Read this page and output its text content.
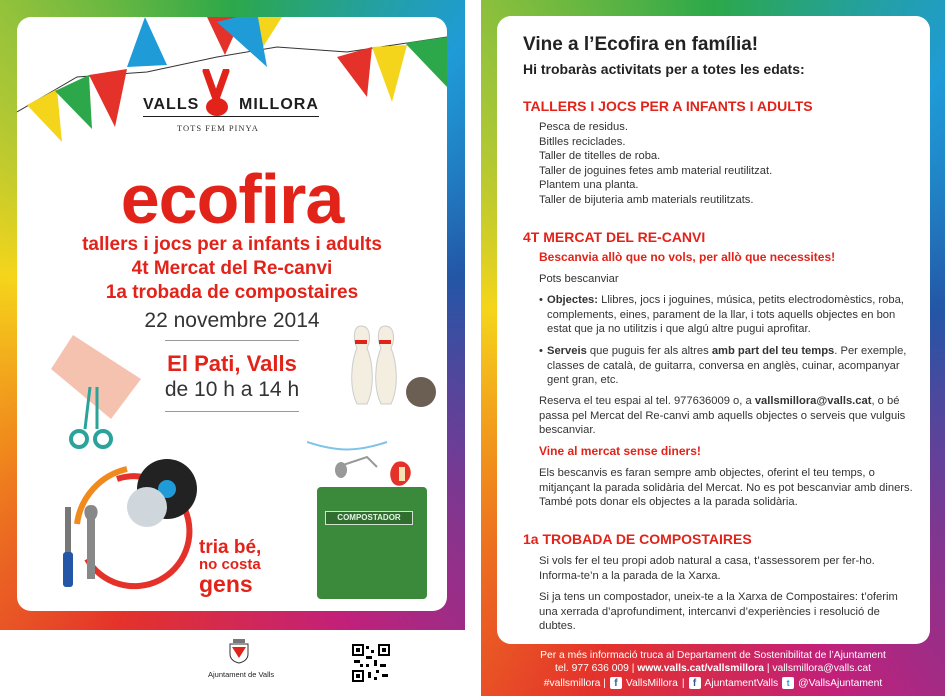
VALLS MILLORA
TOTS FEM PINYA
ecofira
tallers i jocs per a infants i adults
4t Mercat del Re-canvi
1a trobada de compostaires
22 novembre 2014
El Pati, Valls
de 10 h a 14 h
COMPOSTADOR
tria bé,
no costa
gens
Ajuntament de Valls
Vine a l’Ecofira en família!
Hi trobaràs activitats per a totes les edats:
TALLERS I JOCS PER A INFANTS I ADULTS
Pesca de residus.
Bitlles reciclades.
Taller de titelles de roba.
Taller de joguines fetes amb material reutilitzat.
Plantem una planta.
Taller de bijuteria amb materials reutilitzats.
4T MERCAT DEL RE-CANVI
Bescanvia allò que no vols, per allò que necessites!
Pots bescanviar
• Objectes: Llibres, jocs i joguines, música, petits electrodomèstics, roba, complements, eines, parament de la llar, i tots aquells objectes en bon estat que ja no utilitzis i que algú altre pugui aprofitar.
• Serveis que puguis fer als altres amb part del teu temps. Per exemple, classes de català, de guitarra, conversa en anglès, cuinar, acompanyar gent gran, etc.
Reserva el teu espai al tel. 977636009 o, a vallsmillora@valls.cat, o bé passa pel Mercat del Re-canvi amb aquells objectes o serveis que vulguis bescanviar.
Vine al mercat sense diners!
Els bescanvis es faran sempre amb objectes, oferint el teu temps, o mitjançant la parada solidària del Mercat. No es pot bescanviar amb diners. També pots donar els objectes a la parada solidària.
1a TROBADA DE COMPOSTAIRES
Si vols fer el teu propi adob natural a casa, t’assessorem per fer-ho. Informa-te’n a la parada de la Xarxa.
Si ja tens un compostador, uneix-te a la Xarxa de Compostaires: t’oferim una xerrada d’aprofundiment, intercanvi d’experiències i resolució de dubtes.
Per a més informació truca al Departament de Sostenibilitat de l’Ajuntament
tel. 977 636 009 | www.valls.cat/vallsmillora | vallsmillora@valls.cat
#vallsmillora | f VallsMillora | f AjuntamentValls t @VallsAjuntament
